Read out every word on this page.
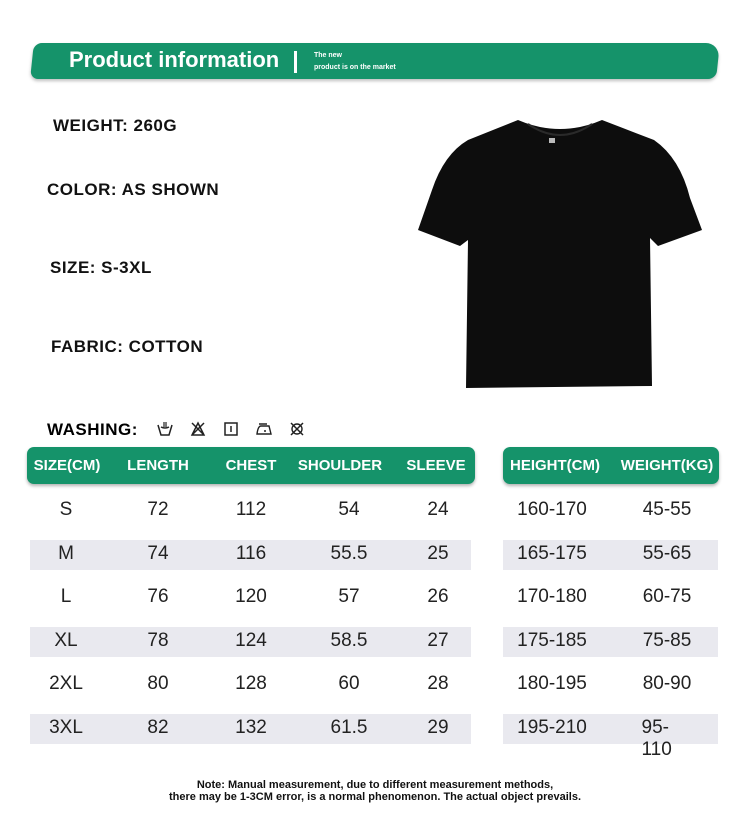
Product information	The new
product is on the market
WEIGHT: 260G
COLOR: AS SHOWN
SIZE: S-3XL
FABRIC: COTTON
WASHING:
SIZE(CM) LENGTH CHEST SHOULDER SLEEVE	HEIGHT(CM) WEIGHT(KG)
S	72	112	54	24	160-170	45-55
M	74	116	55.5	25	165-175	55-65
L	76	120	57	26	170-180	60-75
XL	78	124	58.5	27	175-185	75-85
2XL	80	128	60	28	180-195	80-90
3XL	82	132	61.5	29	195-210	95-110
Note: Manual measurement, due to different measurement methods,
there may be 1-3CM error, is a normal phenomenon. The actual object prevails.
